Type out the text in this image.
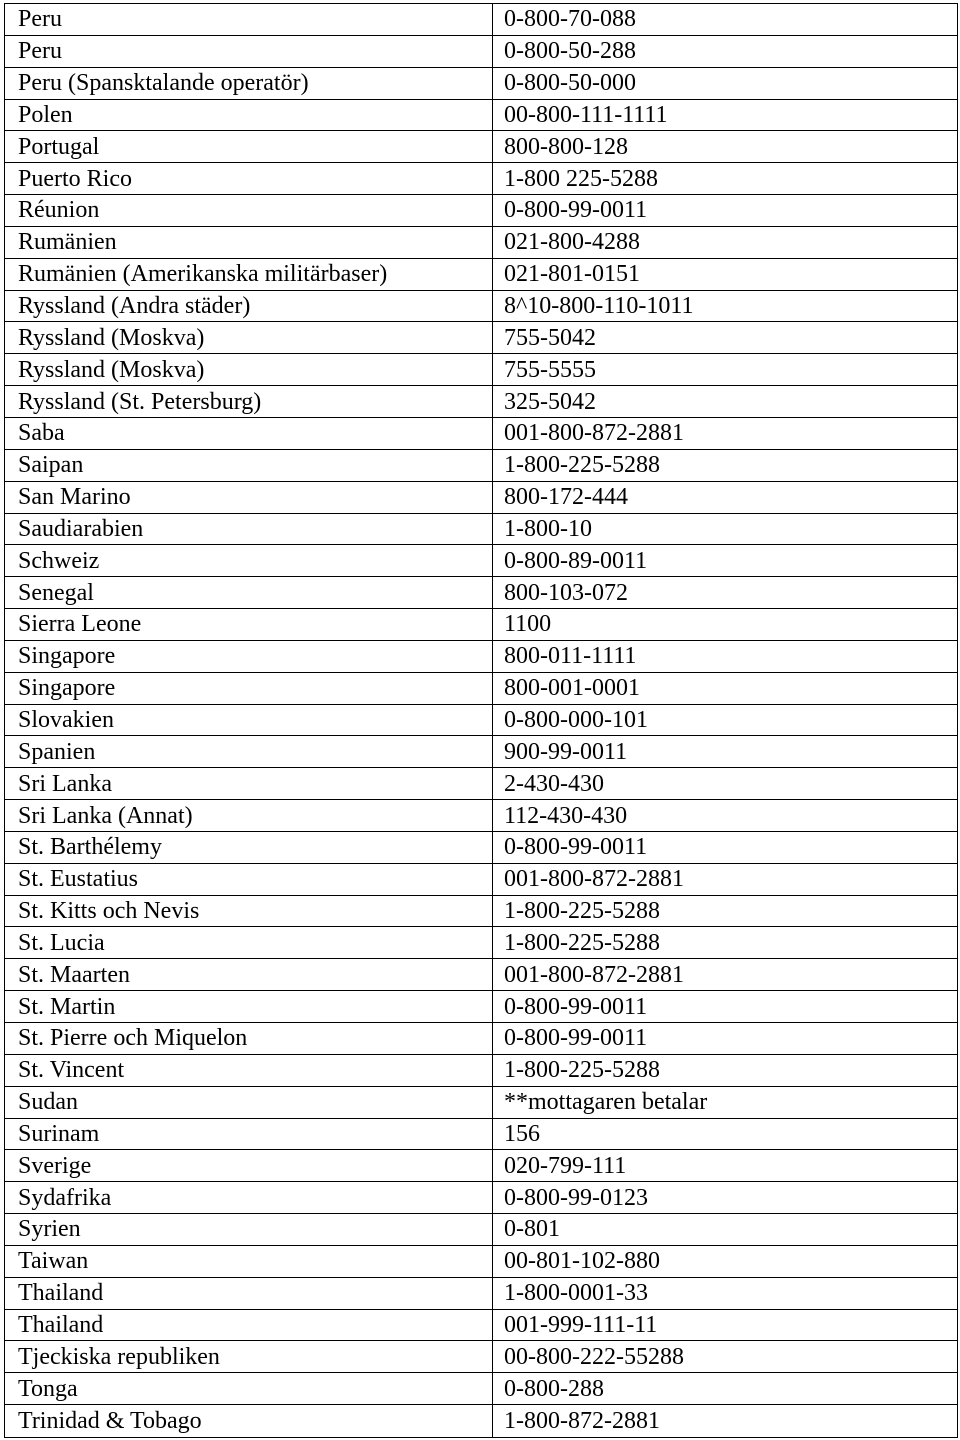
Peru	0-800-70-088
Peru	0-800-50-288
Peru (Spansktalande operatör)	0-800-50-000
Polen	00-800-111-1111
Portugal	800-800-128
Puerto Rico	1-800 225-5288
Réunion	0-800-99-0011
Rumänien	021-800-4288
Rumänien (Amerikanska militärbaser)	021-801-0151
Ryssland (Andra städer)	8^10-800-110-1011
Ryssland (Moskva)	755-5042
Ryssland (Moskva)	755-5555
Ryssland (St. Petersburg)	325-5042
Saba	001-800-872-2881
Saipan	1-800-225-5288
San Marino	800-172-444
Saudiarabien	1-800-10
Schweiz	0-800-89-0011
Senegal	800-103-072
Sierra Leone	1100
Singapore	800-011-1111
Singapore	800-001-0001
Slovakien	0-800-000-101
Spanien	900-99-0011
Sri Lanka	2-430-430
Sri Lanka (Annat)	112-430-430
St. Barthélemy	0-800-99-0011
St. Eustatius	001-800-872-2881
St. Kitts och Nevis	1-800-225-5288
St. Lucia	1-800-225-5288
St. Maarten	001-800-872-2881
St. Martin	0-800-99-0011
St. Pierre och Miquelon	0-800-99-0011
St. Vincent	1-800-225-5288
Sudan	**mottagaren betalar
Surinam	156
Sverige	020-799-111
Sydafrika	0-800-99-0123
Syrien	0-801
Taiwan	00-801-102-880
Thailand	1-800-0001-33
Thailand	001-999-111-11
Tjeckiska republiken	00-800-222-55288
Tonga	0-800-288
Trinidad & Tobago	1-800-872-2881
